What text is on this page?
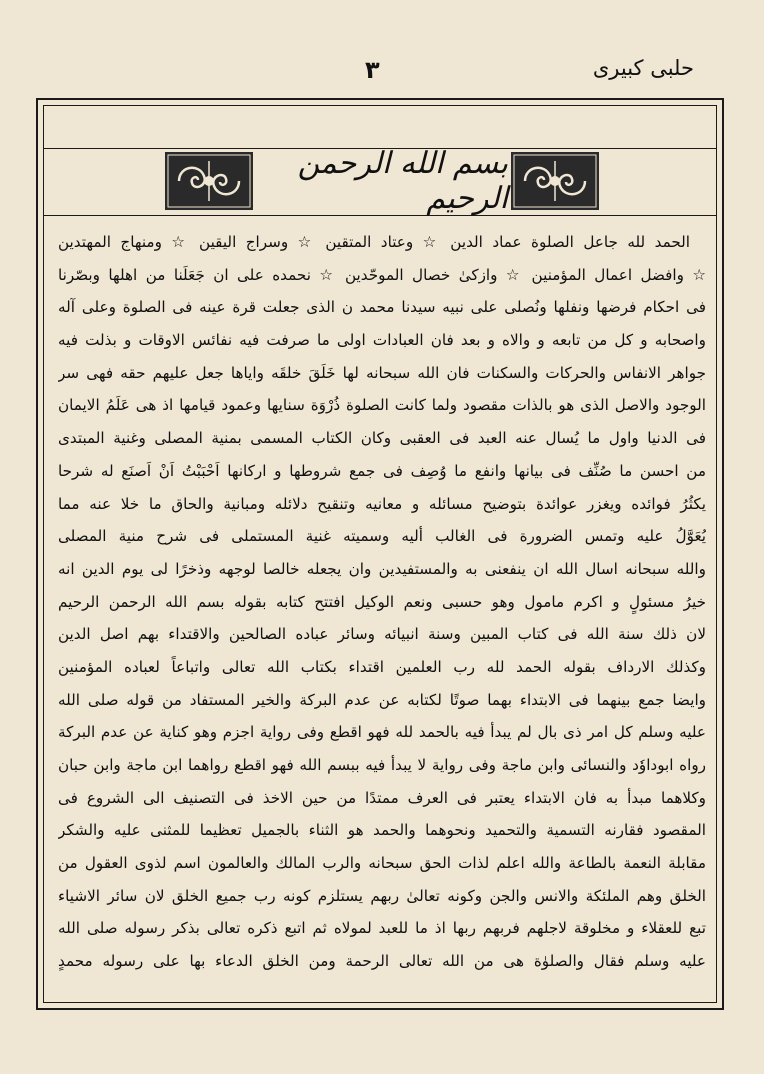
حلبی کبیری
٣
بسم الله الرحمن الرحيم
الحمد لله جاعل الصلوة عماد الدين ☆ وعتاد المتقين ☆ وسراج اليقين ☆ ومنهاج المهتدين
☆ وافضل اعمال المؤمنين ☆ وازكىٰ خصال الموحّدين ☆ نحمده على ان جَعَلَنا من اهلها وبصّرنا
فى احكام فرضها ونفلها ونُصلى على نبيه سيدنا محمد ن الذى جعلت قرة عينه فى الصلوة وعلى آله
واصحابه و كل من تابعه و والاه و بعد فان العبادات اولى ما صرفت فيه نفائس الاوقات و بذلت فيه
جواهر الانفاس والحركات والسكنات فان الله سبحانه لها خَلَقَ خلقَه واياها جعل عليهم حقه فهى سر
الوجود والاصل الذى هو بالذات مقصود ولما كانت الصلوة ذُرْوَة سنايها وعمود قيامها اذ هى عَلَمُ الايمان
فى الدنيا واول ما يُسال عنه العبد فى العقبى وكان الكتاب المسمى بمنية المصلى وغنية المبتدى
من احسن ما صُنِّف فى بيانها وانفع ما وُصِف فى جمع شروطها و اركانها اَحْبَبْتُ اَنْ اَصنَع له شرحا
يكثُرُ فوائده ويغزر عوائدة بتوضيح مسائله و معانيه وتنقيح دلائله ومبانية والحاق ما خلا عنه مما
يُعَوَّلُ عليه وتمس الضرورة فى الغالب أليه وسميته غنية المستملى فى شرح منية المصلى
والله سبحانه اسال الله ان ينفعنى به والمستفيدين وان يجعله خالصا لوجهه وذخرًا لى يوم الدين انه
خيرُ مسئولٍ و اكرم مامول وهو حسبى ونعم الوكيل افتتح كتابه بقوله بسم الله الرحمن الرحيم
لان ذلك سنة الله فى كتاب المبين وسنة انبيائه وسائر عباده الصالحين والاقتداء بهم اصل الدين
وكذلك الارداف بقوله الحمد لله رب العلمين اقتداء بكتاب الله تعالى واتباعاً لعباده المؤمنين
وايضا جمع بينهما فى الابتداء بهما صوتًا لكتابه عن عدم البركة والخير المستفاد من قوله صلى الله
عليه وسلم كل امر ذى بال لم يبدأ فيه بالحمد لله فهو اقطع وفى رواية اجزم وهو كناية عن عدم البركة
رواه ابوداوٗد والنسائى وابن ماجة وفى رواية لا يبدأ فيه ببسم الله فهو اقطع رواهما ابن ماجة وابن حبان
وكلاهما مبدأ به فان الابتداء يعتبر فى العرف ممتدًا من حين الاخذ فى التصنيف الى الشروع فى
المقصود فقارنه التسمية والتحميد ونحوهما والحمد هو الثناء بالجميل تعظيما للمثنى عليه والشكر
مقابلة النعمة بالطاعة والله اعلم لذات الحق سبحانه والرب المالك والعالمون اسم لذوى العقول من
الخلق وهم الملئكة والانس والجن وكونه تعالىٰ ربهم يستلزم كونه رب جميع الخلق لان سائر الاشياء
تبع للعقلاء و مخلوقة لاجلهم فربهم ربها اذ ما للعبد لمولاه ثم اتبع ذكره تعالى بذكر رسوله صلى الله
عليه وسلم فقال والصلوٰة هى من الله تعالى الرحمة ومن الخلق الدعاء بها على رسوله محمدٍ
